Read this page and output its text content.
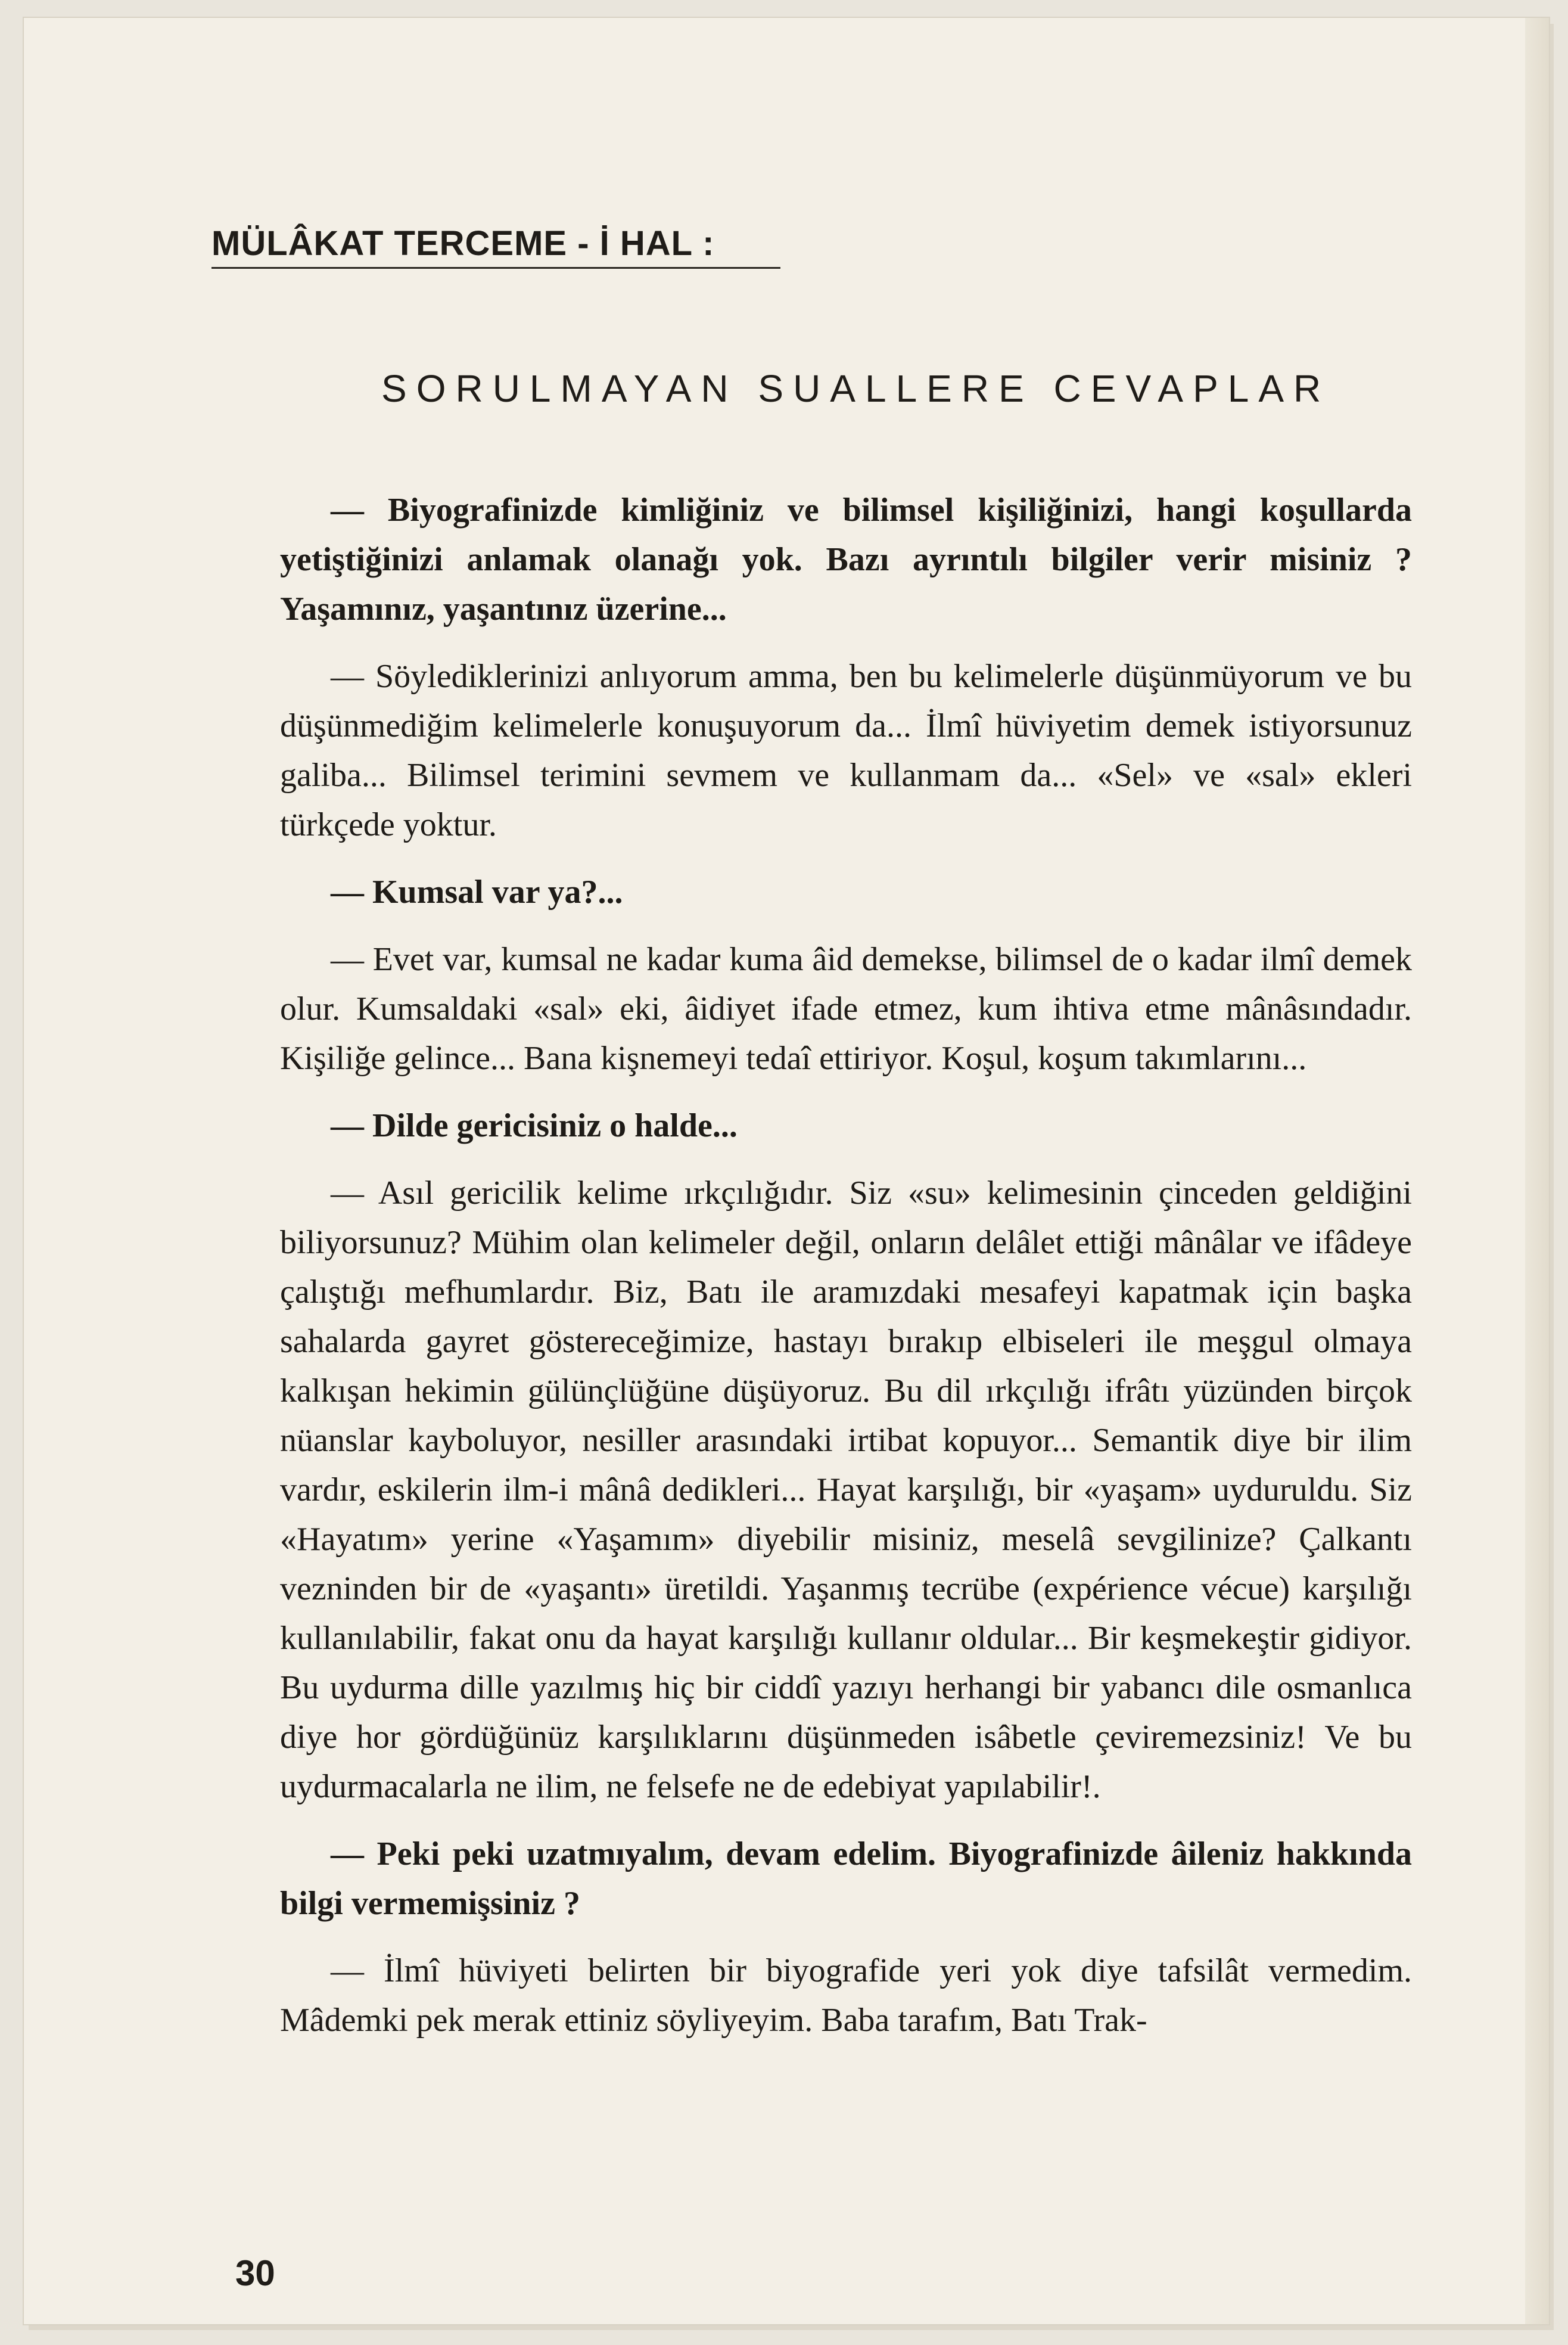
MÜLÂKAT TERCEME - İ HAL :
SORULMAYAN SUALLERE CEVAPLAR

— Biyografinizde kimliğiniz ve bilimsel kişiliğinizi, hangi koşullarda yetiştiğinizi anlamak olanağı yok. Bazı ayrıntılı bilgiler verir misiniz ? Yaşamınız, yaşantınız üzerine...

— Söylediklerinizi anlıyorum amma, ben bu kelimelerle düşünmüyorum ve bu düşünmediğim kelimelerle konuşuyorum da... İlmî hüviyetim demek istiyorsunuz galiba... Bilimsel terimini sevmem ve kullanmam da... «Sel» ve «sal» ekleri türkçede yoktur.

— Kumsal var ya?...

— Evet var, kumsal ne kadar kuma âid demekse, bilimsel de o kadar ilmî demek olur. Kumsaldaki «sal» eki, âidiyet ifade etmez, kum ihtiva etme mânâsındadır. Kişiliğe gelince... Bana kişnemeyi tedaî ettiriyor. Koşul, koşum takımlarını...

— Dilde gericisiniz o halde...

— Asıl gericilik kelime ırkçılığıdır. Siz «su» kelimesinin çinceden geldiğini biliyorsunuz? Mühim olan kelimeler değil, onların delâlet ettiği mânâlar ve ifâdeye çalıştığı mefhumlardır. Biz, Batı ile aramızdaki mesafeyi kapatmak için başka sahalarda gayret göstereceğimize, hastayı bırakıp elbiseleri ile meşgul olmaya kalkışan hekimin gülünçlüğüne düşüyoruz. Bu dil ırkçılığı ifrâtı yüzünden birçok nüanslar kayboluyor, nesiller arasındaki irtibat kopuyor... Semantik diye bir ilim vardır, eskilerin ilm-i mânâ dedikleri... Hayat karşılığı, bir «yaşam» uyduruldu. Siz «Hayatım» yerine «Yaşamım» diyebilir misiniz, meselâ sevgilinize? Çalkantı vezninden bir de «yaşantı» üretildi. Yaşanmış tecrübe (expérience vécue) karşılığı kullanılabilir, fakat onu da hayat karşılığı kullanır oldular... Bir keşmekeştir gidiyor. Bu uydurma dille yazılmış hiç bir ciddî yazıyı herhangi bir yabancı dile osmanlıca diye hor gördüğünüz karşılıklarını düşünmeden isâbetle çeviremezsiniz! Ve bu uydurmacalarla ne ilim, ne felsefe ne de edebiyat yapılabilir!.

— Peki peki uzatmıyalım, devam edelim. Biyografinizde âileniz hakkında bilgi vermemişsiniz ?

— İlmî hüviyeti belirten bir biyografide yeri yok diye tafsilât vermedim. Mâdemki pek merak ettiniz söyliyeyim. Baba tarafım, Batı Trak-

30
